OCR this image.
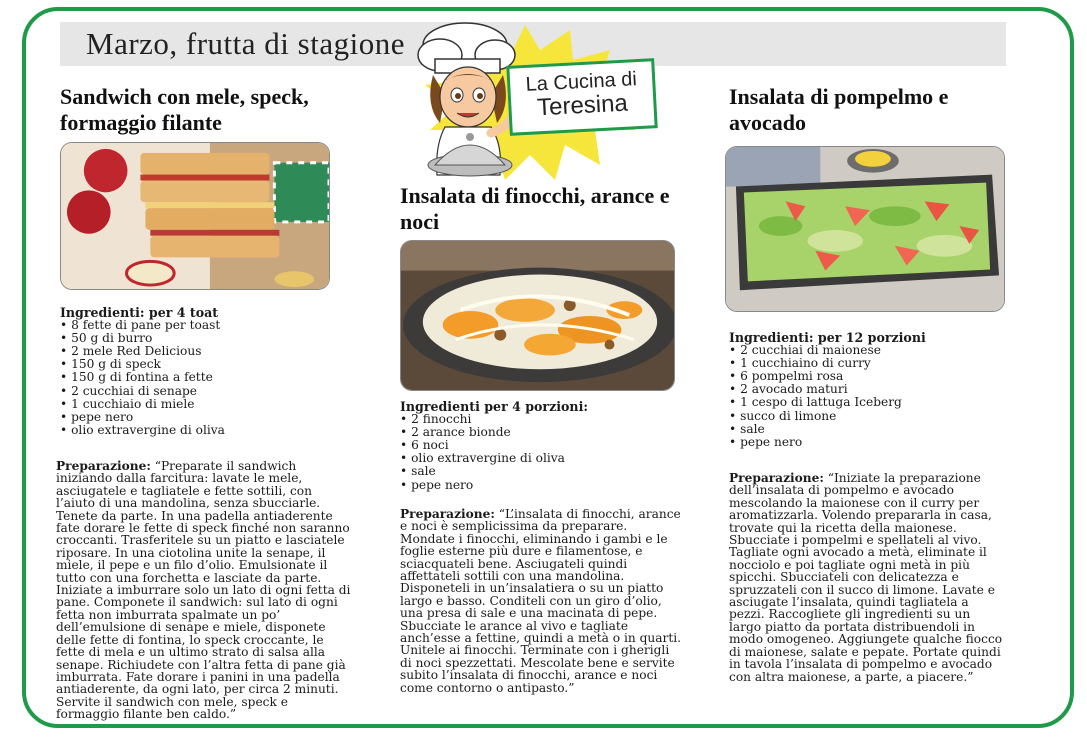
Marzo, frutta di stagione
La Cucina di
Teresina
Sandwich con mele, speck, formaggio filante
Ingredienti: per 4 toat
• 8 fette di pane per toast
• 50 g di burro
• 2 mele Red Delicious
• 150 g di speck
• 150 g di fontina a fette
• 2 cucchiai di senape
• 1 cucchiaio di miele
• pepe nero
• olio extravergine di oliva

Preparazione: “Preparate il sandwich iniziando dalla farcitura: lavate le mele, asciugatele e tagliatele e fette sottili, con l’aiuto di una mandolina, senza sbucciarle. Tenete da parte. In una padella antiaderente fate dorare le fette di speck finché non saranno croccanti. Trasferitele su un piatto e lasciatele riposare. In una ciotolina unite la senape, il miele, il pepe e un filo d’olio. Emulsionate il tutto con una forchetta e lasciate da parte. Iniziate a imburrare solo un lato di ogni fetta di pane. Componete il sandwich: sul lato di ogni fetta non imburrata spalmate un po’ dell’emulsione di senape e miele, disponete delle fette di fontina, lo speck croccante, le fette di mela e un ultimo strato di salsa alla senape. Richiudete con l’altra fetta di pane già imburrata. Fate dorare i panini in una padella antiaderente, da ogni lato, per circa 2 minuti. Servite il sandwich con mele, speck e formaggio filante ben caldo.”

Insalata di finocchi, arance e noci
Ingredienti per 4 porzioni:
• 2 finocchi
• 2 arance bionde
• 6 noci
• olio extravergine di oliva
• sale
• pepe nero

Preparazione: “L’insalata di finocchi, arance e noci è semplicissima da preparare. Mondate i finocchi, eliminando i gambi e le foglie esterne più dure e filamentose, e sciacquateli bene. Asciugateli quindi affettateli sottili con una mandolina. Disponeteli in un’insalatiera o su un piatto largo e basso. Conditeli con un giro d’olio, una presa di sale e una macinata di pepe. Sbucciate le arance al vivo e tagliate anch’esse a fettine, quindi a metà o in quarti. Unitele ai finocchi. Terminate con i gherigli di noci spezzettati. Mescolate bene e servite subito l’insalata di finocchi, arance e noci come contorno o antipasto.”

Insalata di pompelmo e avocado
Ingredienti: per 12 porzioni
• 2 cucchiai di maionese
• 1 cucchiaino di curry
• 6 pompelmi rosa
• 2 avocado maturi
• 1 cespo di lattuga Iceberg
• succo di limone
• sale
• pepe nero

Preparazione: “Iniziate la preparazione dell’insalata di pompelmo e avocado mescolando la maionese con il curry per aromatizzarla. Volendo prepararla in casa, trovate qui la ricetta della maionese. Sbucciate i pompelmi e spellateli al vivo. Tagliate ogni avocado a metà, eliminate il nocciolo e poi tagliate ogni metà in più spicchi. Sbucciateli con delicatezza e spruzzateli con il succo di limone. Lavate e asciugate l’insalata, quindi tagliatela a pezzi. Raccogliete gli ingredienti su un largo piatto da portata distribuendoli in modo omogeneo. Aggiungete qualche fiocco di maionese, salate e pepate. Portate quindi in tavola l’insalata di pompelmo e avocado con altra maionese, a parte, a piacere.”
